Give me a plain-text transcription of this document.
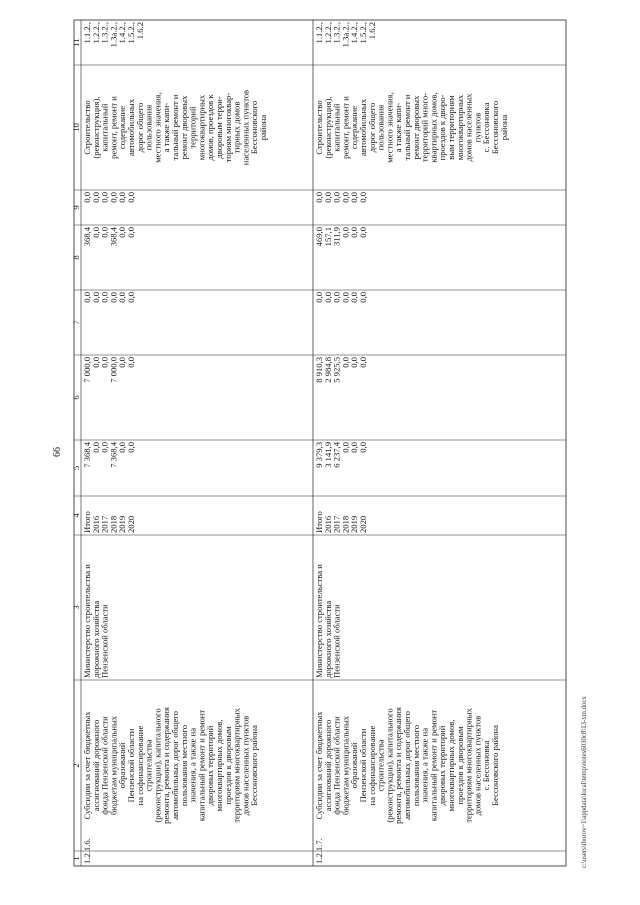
1
2
3
4
5
6
7
8
9
10
11
1.2.1.6.
Субсидии за счет бюджетных
ассигнований дорожного
фонда Пензенской области
бюджетам муниципальных
образований
Пензенской области
на софинансирование
строительства
(реконструкции), капитального
ремонта, ремонта и содержания
автомобильных дорог общего
пользования местного
значения, а также на
капитальный ремонт и ремонт
дворовых территорий
многоквартирных домов,
проездов к дворовым
территориям многоквартирных
домов населенных пунктов
Бессоновского района
Министерство строительства и
дорожного хозяйства
Пензенской области
Итого
2016
2017
2018
2019
2020
7 368,4
0,0
0,0
7 368,4
0,0
0,0
7 000,0
0,0
0,0
7 000,0
0,0
0,0
0,0
0,0
0,0
0,0
0,0
0,0
368,4
0,0
0,0
368,4
0,0
0,0
0,0
0,0
0,0
0,0
0,0
0,0
Строительство
(реконструкция),
капитальный
ремонт, ремонт и
содержание
автомобильных
дорог общего
пользования
местного значения,
а также капи-
тальный ремонт и
ремонт дворовых
территорий
многоквартирных
домов, проездов к
дворовым терри-
ториям многоквар-
тирных домов
населенных пунктов
Бессоновского
района
1.1.2.,
1.2.2.,
1.3.2.,
1.3а.2.,
1.4.2.,
1.5.2.,
1.6.2
1.2.1.7.
Субсидии за счет бюджетных
ассигнований дорожного
фонда Пензенской области
бюджетам муниципальных
образований
Пензенской области
на софинансирование
строительства
(реконструкции), капитального
ремонта, ремонта и содержания
автомобильных дорог общего
пользования местного
значения, а также на
капитальный ремонт и ремонт
дворовых территорий
многоквартирных домов,
проездов к дворовым
территориям многоквартирных
домов населенных пунктов
с. Бессоновка
Бессоновского района
Министерство строительства и
дорожного хозяйства
Пензенской области
Итого
2016
2017
2018
2019
2020
9 379,3
3 141,9
6 237,4
0,0
0,0
0,0
8 910,3
2 984,8
5 925,5
0,0
0,0
0,0
0,0
0,0
0,0
0,0
0,0
0,0
469,0
157,1
311,9
0,0
0,0
0,0
0,0
0,0
0,0
0,0
0,0
0,0
Строительство
(реконструкция),
капитальный
ремонт, ремонт и
содержание
автомобильных
дорог общего
пользования
местного значения,
а также капи-
тальный ремонт и
ремонт дворовых
территорий много-
квартирных домов,
проездов к дворо-
вым территориям
многоквартирных
домов населенных
пунктов
с. Бессоновка
Бессоновского
района
1.1.2.,
1.2.2.,
1.3.2.,
1.3а.2.,
1.4.2.,
1.5.2.,
1.6.2
66
c:\users\iborov~1\appdata\local\temp\notes6030c8\13-xm.docx
